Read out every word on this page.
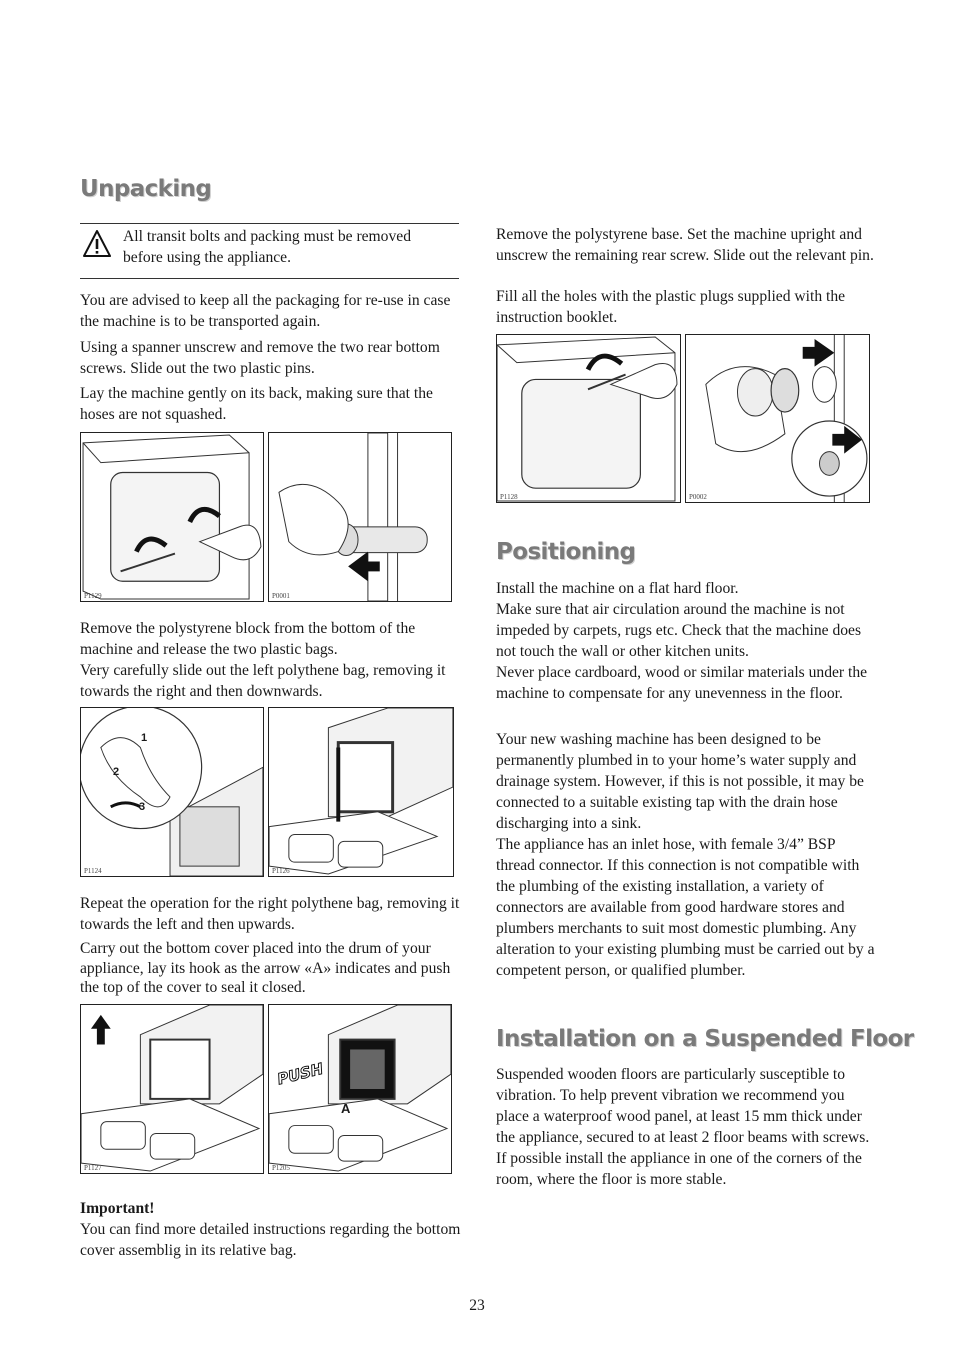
Unpacking

All transit bolts and packing must be removed before using the appliance.

You are advised to keep all the packaging for re-use in case the machine is to be transported again.

Using a spanner unscrew and remove the two rear bottom screws. Slide out the two plastic pins.

Lay the machine gently on its back, making sure that the hoses are not squashed.

P1129	P0001

Remove the polystyrene block from the bottom of the machine and release the two plastic bags.

Very carefully slide out the left polythene bag, removing it towards the right and then downwards.

1
2
3
P1124	P1126

Repeat the operation for the right polythene bag, removing it towards the left and then upwards.

Carry out the bottom cover placed into the drum of your appliance, lay its hook as the arrow «A» indicates and push the top of the cover to seal it closed.

P1127
PUSH
A
P1205

Important!

You can find more detailed instructions regarding the bottom cover assemblig in its relative bag.

Remove the polystyrene base. Set the machine upright and unscrew the remaining rear screw. Slide out the relevant pin.

Fill all the holes with the plastic plugs supplied with the instruction booklet.

P1128	P0002
Positioning

Install the machine on a flat hard floor.

Make sure that air circulation around the machine is not impeded by carpets, rugs etc. Check that the machine does not touch the wall or other kitchen units.

Never place cardboard, wood or similar materials under the machine to compensate for any unevenness in the floor.

Your new washing machine has been designed to be permanently plumbed in to your home’s water supply and drainage system. However, if this is not possible, it may be connected to a suitable existing tap with the drain hose discharging into a sink.

The appliance has an inlet hose, with female 3/4” BSP thread connector. If this connection is not compatible with the plumbing of the existing installation, a variety of connectors are available from good hardware stores and plumbers merchants to suit most domestic plumbing. Any alteration to your existing plumbing must be carried out by a competent person, or qualified plumber.

Installation on a Suspended Floor

Suspended wooden floors are particularly susceptible to vibration. To help prevent vibration we recommend you place a waterproof wood panel, at least 15 mm thick under the appliance, secured to at least 2 floor beams with screws. If possible install the appliance in one of the corners of the room, where the floor is more stable.

23
